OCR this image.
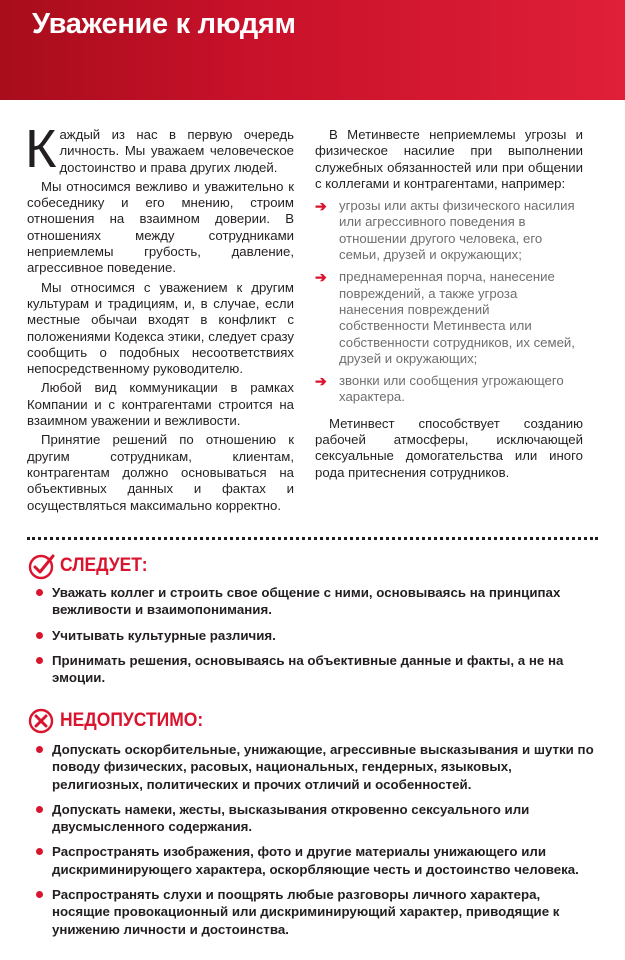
Уважение к людям

Каждый из нас в первую очередь личность. Мы уважаем человеческое достоинство и права других людей.

Мы относимся вежливо и уважительно к собеседнику и его мнению, строим отношения на взаимном доверии. В отношениях между сотрудниками неприемлемы грубость, давление, агрессивное поведение.

Мы относимся с уважением к другим культурам и традициям, и, в случае, если местные обычаи входят в конфликт с положениями Кодекса этики, следует сразу сообщить о подобных несоответствиях непосредственному руководителю.

Любой вид коммуникации в рамках Компании и с контрагентами строится на взаимном уважении и вежливости.

Принятие решений по отношению к другим сотрудникам, клиентам, контрагентам должно основываться на объективных данных и фактах и осуществляться максимально корректно.

В Метинвесте неприемлемы угрозы и физическое насилие при выполнении служебных обязанностей или при общении с коллегами и контрагентами, например:

➔ угрозы или акты физического насилия или агрессивного поведения в отношении другого человека, его семьи, друзей и окружающих;
➔ преднамеренная порча, нанесение повреждений, а также угроза нанесения повреждений собственности Метинвеста или собственности сотрудников, их семей, друзей и окружающих;
➔ звонки или сообщения угрожающего характера.

Метинвест способствует созданию рабочей атмосферы, исключающей сексуальные домогательства или иного рода притеснения сотрудников.

СЛЕДУЕТ:
Уважать коллег и строить свое общение с ними, основываясь на принципах вежливости и взаимопонимания.
Учитывать культурные различия.
Принимать решения, основываясь на объективные данные и факты, а не на эмоции.
НЕДОПУСТИМО:
Допускать оскорбительные, унижающие, агрессивные высказывания и шутки по поводу физических, расовых, национальных, гендерных, языковых, религиозных, политических и прочих отличий и особенностей.
Допускать намеки, жесты, высказывания откровенно сексуального или двусмысленного содержания.
Распространять изображения, фото и другие материалы унижающего или дискриминирующего характера, оскорбляющие честь и достоинство человека.
Распространять слухи и поощрять любые разговоры личного характера, носящие провокационный или дискриминирующий характер, приводящие к унижению личности и достоинства.
